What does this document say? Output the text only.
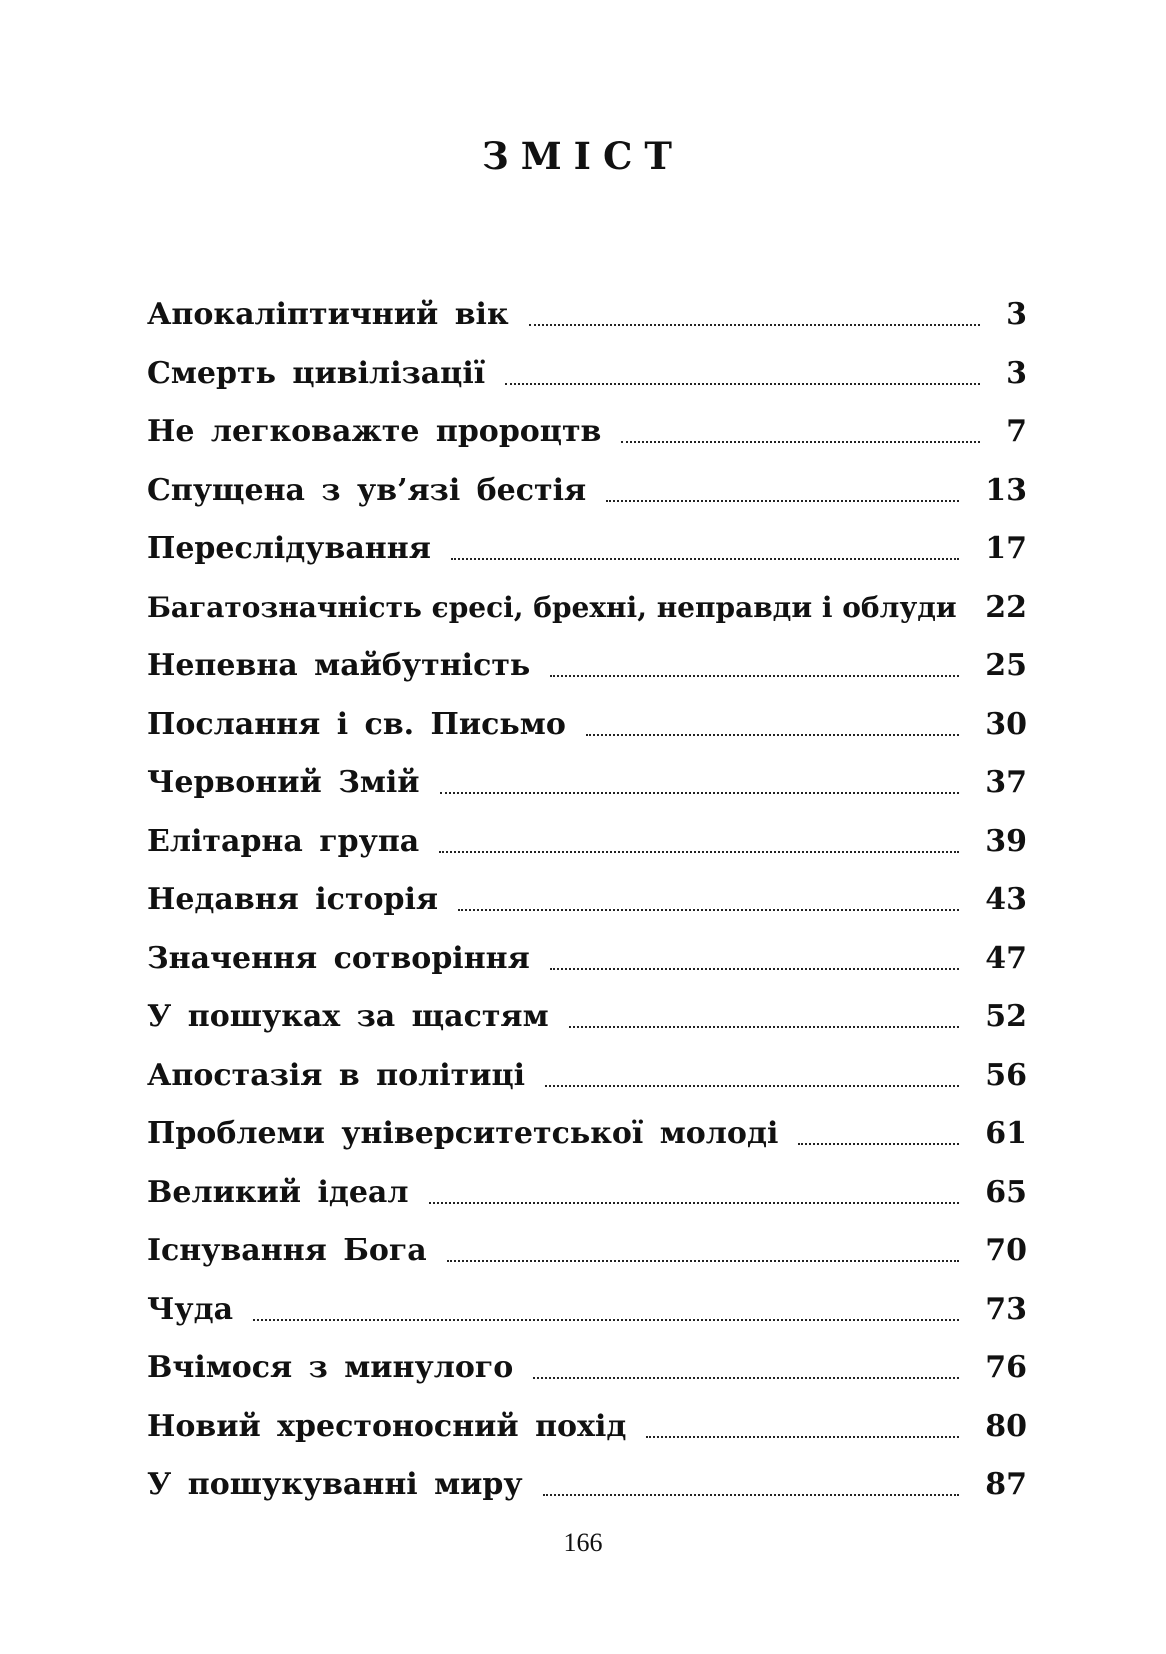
ЗМІСТ
Апокаліптичний вік	3
Смерть цивілізації	3
Не легковажте пророцтв	7
Спущена з ув’язі бестія	13
Переслідування	17
Багатозначність єресі, брехні, неправди і облуди 22
Непевна майбутність	25
Послання і св. Письмо	30
Червоний Змій	37
Елітарна група	39
Недавня історія	43
Значення сотворіння	47
У пошуках за щастям	52
Апостазія в політиці	56
Проблеми університетської молоді	61
Великий ідеал	65
Існування Бога	70
Чуда	73
Вчімося з минулого	76
Новий хрестоносний похід	80
У пошукуванні миру	87
166
